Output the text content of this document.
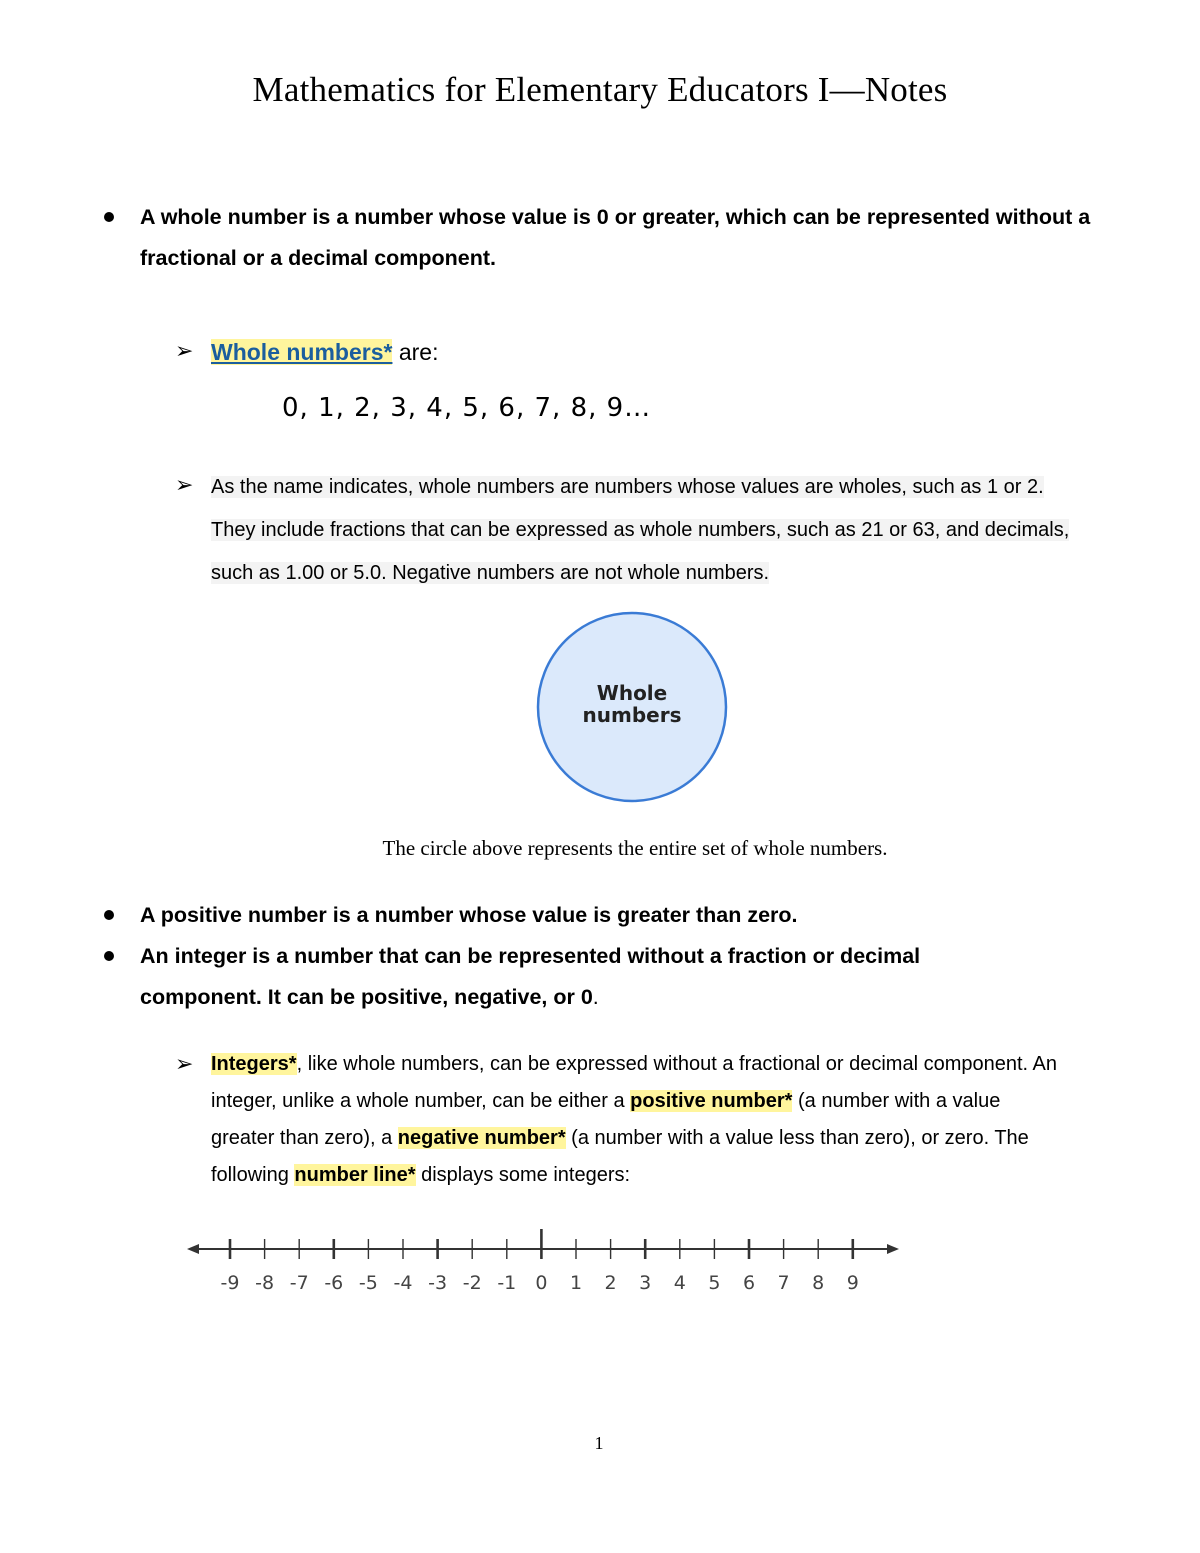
Mathematics for Elementary Educators I—Notes
A whole number is a number whose value is 0 or greater, which can be represented without a fractional or a decimal component.
➢ Whole numbers* are:
0, 1, 2, 3, 4, 5, 6, 7, 8, 9…
➢ As the name indicates, whole numbers are numbers whose values are wholes, such as 1 or 2.
They include fractions that can be expressed as whole numbers, such as 21 or 63, and decimals,
such as 1.00 or 5.0. Negative numbers are not whole numbers.
Whole
numbers
The circle above represents the entire set of whole numbers.
A positive number is a number whose value is greater than zero.
An integer is a number that can be represented without a fraction or decimal component. It can be positive, negative, or 0.
➢ Integers*, like whole numbers, can be expressed without a fractional or decimal component. An
integer, unlike a whole number, can be either a positive number* (a number with a value
greater than zero), a negative number* (a number with a value less than zero), or zero. The
following number line* displays some integers:
-9 -8 -7 -6 -5 -4 -3 -2 -1 0 1 2 3 4 5 6 7 8 9
1
